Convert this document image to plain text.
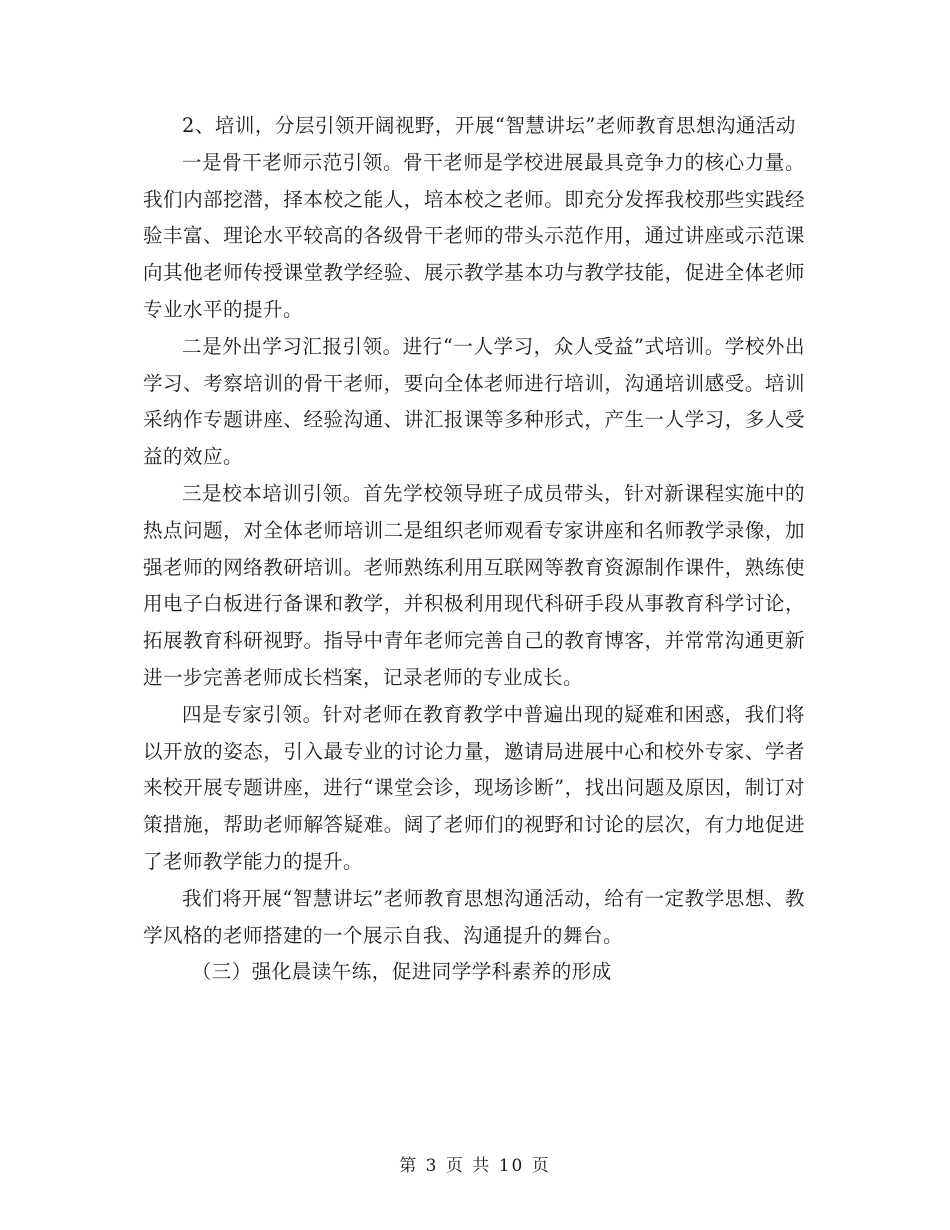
2、培训，分层引领开阔视野，开展“智慧讲坛”老师教育思想沟通活动

一是骨干老师示范引领。骨干老师是学校进展最具竞争力的核心力量。我们内部挖潜，择本校之能人，培本校之老师。即充分发挥我校那些实践经验丰富、理论水平较高的各级骨干老师的带头示范作用，通过讲座或示范课向其他老师传授课堂教学经验、展示教学基本功与教学技能，促进全体老师专业水平的提升。

二是外出学习汇报引领。进行“一人学习，众人受益”式培训。学校外出学习、考察培训的骨干老师，要向全体老师进行培训，沟通培训感受。培训采纳作专题讲座、经验沟通、讲汇报课等多种形式，产生一人学习，多人受益的效应。

三是校本培训引领。首先学校领导班子成员带头，针对新课程实施中的热点问题，对全体老师培训二是组织老师观看专家讲座和名师教学录像，加强老师的网络教研培训。老师熟练利用互联网等教育资源制作课件，熟练使用电子白板进行备课和教学，并积极利用现代科研手段从事教育科学讨论，拓展教育科研视野。指导中青年老师完善自己的教育博客，并常常沟通更新进一步完善老师成长档案，记录老师的专业成长。

四是专家引领。针对老师在教育教学中普遍出现的疑难和困惑，我们将以开放的姿态，引入最专业的讨论力量，邀请局进展中心和校外专家、学者来校开展专题讲座，进行“课堂会诊，现场诊断”，找出问题及原因，制订对策措施，帮助老师解答疑难。阔了老师们的视野和讨论的层次，有力地促进了老师教学能力的提升。

我们将开展“智慧讲坛”老师教育思想沟通活动，给有一定教学思想、教学风格的老师搭建的一个展示自我、沟通提升的舞台。

（三）强化晨读午练，促进同学学科素养的形成

第 3 页 共 10 页
